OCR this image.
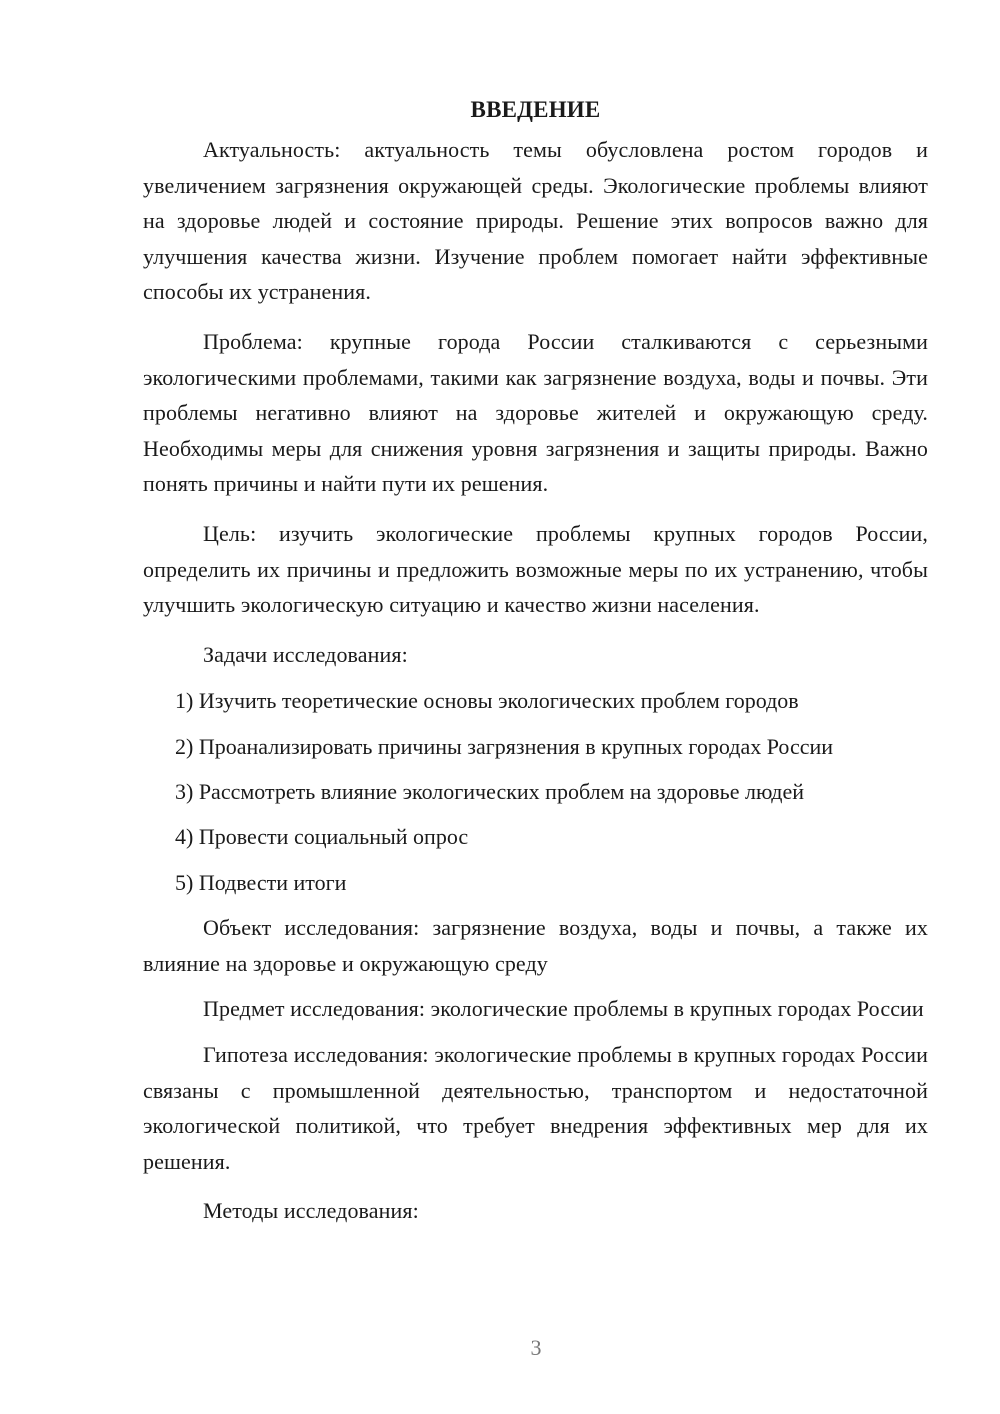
ВВЕДЕНИЕ

Актуальность: актуальность темы обусловлена ростом городов и увеличением загрязнения окружающей среды. Экологические проблемы влияют на здоровье людей и состояние природы. Решение этих вопросов важно для улучшения качества жизни. Изучение проблем помогает найти эффективные способы их устранения.

Проблема: крупные города России сталкиваются с серьезными экологическими проблемами, такими как загрязнение воздуха, воды и почвы. Эти проблемы негативно влияют на здоровье жителей и окружающую среду. Необходимы меры для снижения уровня загрязнения и защиты природы. Важно понять причины и найти пути их решения.

Цель: изучить экологические проблемы крупных городов России, определить их причины и предложить возможные меры по их устранению, чтобы улучшить экологическую ситуацию и качество жизни населения.

Задачи исследования:

1) Изучить теоретические основы экологических проблем городов
2) Проанализировать причины загрязнения в крупных городах России
3) Рассмотреть влияние экологических проблем на здоровье людей
4) Провести социальный опрос
5) Подвести итоги

Объект исследования: загрязнение воздуха, воды и почвы, а также их влияние на здоровье и окружающую среду

Предмет исследования: экологические проблемы в крупных городах России

Гипотеза исследования: экологические проблемы в крупных городах России связаны с промышленной деятельностью, транспортом и недостаточной экологической политикой, что требует внедрения эффективных мер для их решения.

Методы исследования:

3
